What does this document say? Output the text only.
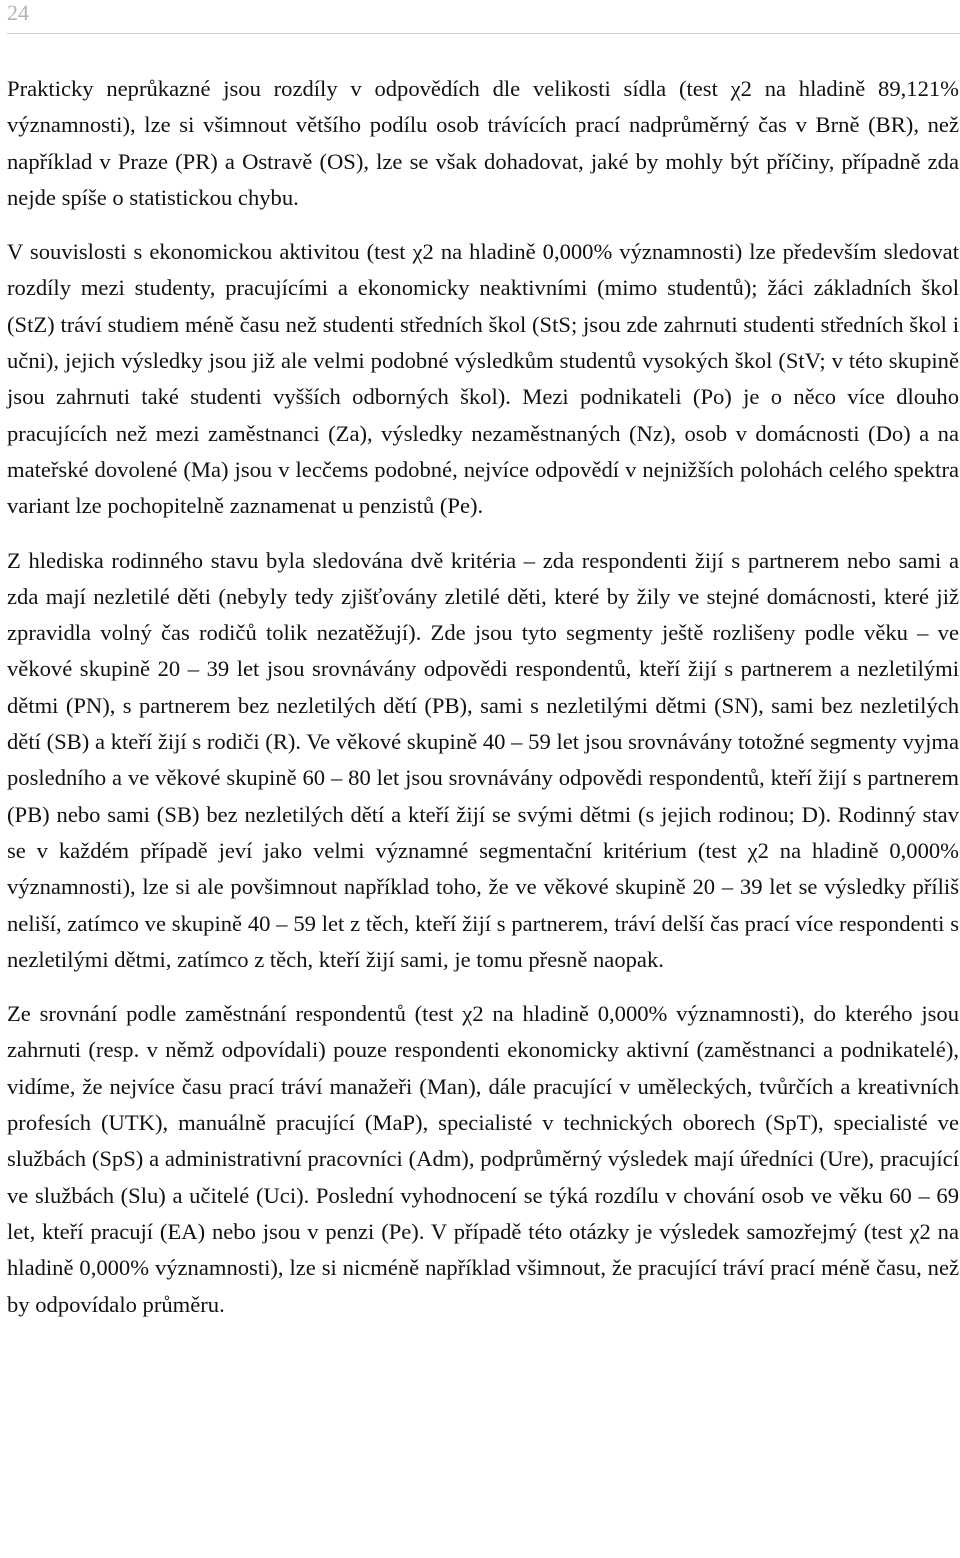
24

Prakticky neprůkazné jsou rozdíly v odpovědích dle velikosti sídla (test χ2 na hladině 89,121% významnosti), lze si všimnout většího podílu osob trávících prací nadprůměrný čas v Brně (BR), než například v Praze (PR) a Ostravě (OS), lze se však dohadovat, jaké by mohly být příčiny, případně zda nejde spíše o statistickou chybu.

V souvislosti s ekonomickou aktivitou (test χ2 na hladině 0,000% významnosti) lze především sledovat rozdíly mezi studenty, pracujícími a ekonomicky neaktivními (mimo studentů); žáci základních škol (StZ) tráví studiem méně času než studenti středních škol (StS; jsou zde zahrnuti studenti středních škol i učni), jejich výsledky jsou již ale velmi podobné výsledkům studentů vysokých škol (StV; v této skupině jsou zahrnuti také studenti vyšších odborných škol). Mezi podnikateli (Po) je o něco více dlouho pracujících než mezi zaměstnanci (Za), výsledky nezaměstnaných (Nz), osob v domácnosti (Do) a na mateřské dovolené (Ma) jsou v lecčems podobné, nejvíce odpovědí v nejnižších polohách celého spektra variant lze pochopitelně zaznamenat u penzistů (Pe).

Z hlediska rodinného stavu byla sledována dvě kritéria – zda respondenti žijí s partnerem nebo sami a zda mají nezletilé děti (nebyly tedy zjišťovány zletilé děti, které by žily ve stejné domácnosti, které již zpravidla volný čas rodičů tolik nezatěžují). Zde jsou tyto segmenty ještě rozlišeny podle věku – ve věkové skupině 20 – 39 let jsou srovnávány odpovědi respondentů, kteří žijí s partnerem a nezletilými dětmi (PN), s partnerem bez nezletilých dětí (PB), sami s nezletilými dětmi (SN), sami bez nezletilých dětí (SB) a kteří žijí s rodiči (R). Ve věkové skupině 40 – 59 let jsou srovnávány totožné segmenty vyjma posledního a ve věkové skupině 60 – 80 let jsou srovnávány odpovědi respondentů, kteří žijí s partnerem (PB) nebo sami (SB) bez nezletilých dětí a kteří žijí se svými dětmi (s jejich rodinou; D). Rodinný stav se v každém případě jeví jako velmi významné segmentační kritérium (test χ2 na hladině 0,000% významnosti), lze si ale povšimnout například toho, že ve věkové skupině 20 – 39 let se výsledky příliš neliší, zatímco ve skupině 40 – 59 let z těch, kteří žijí s partnerem, tráví delší čas prací více respondenti s nezletilými dětmi, zatímco z těch, kteří žijí sami, je tomu přesně naopak.

Ze srovnání podle zaměstnání respondentů (test χ2 na hladině 0,000% významnosti), do kterého jsou zahrnuti (resp. v němž odpovídali) pouze respondenti ekonomicky aktivní (zaměstnanci a podnikatelé), vidíme, že nejvíce času prací tráví manažeři (Man), dále pracující v uměleckých, tvůrčích a kreativních profesích (UTK), manuálně pracující (MaP), specialisté v technických oborech (SpT), specialisté ve službách (SpS) a administrativní pracovníci (Adm), podprůměrný výsledek mají úředníci (Ure), pracující ve službách (Slu) a učitelé (Uci). Poslední vyhodnocení se týká rozdílu v chování osob ve věku 60 – 69 let, kteří pracují (EA) nebo jsou v penzi (Pe). V případě této otázky je výsledek samozřejmý (test χ2 na hladině 0,000% významnosti), lze si nicméně například všimnout, že pracující tráví prací méně času, než by odpovídalo průměru.
